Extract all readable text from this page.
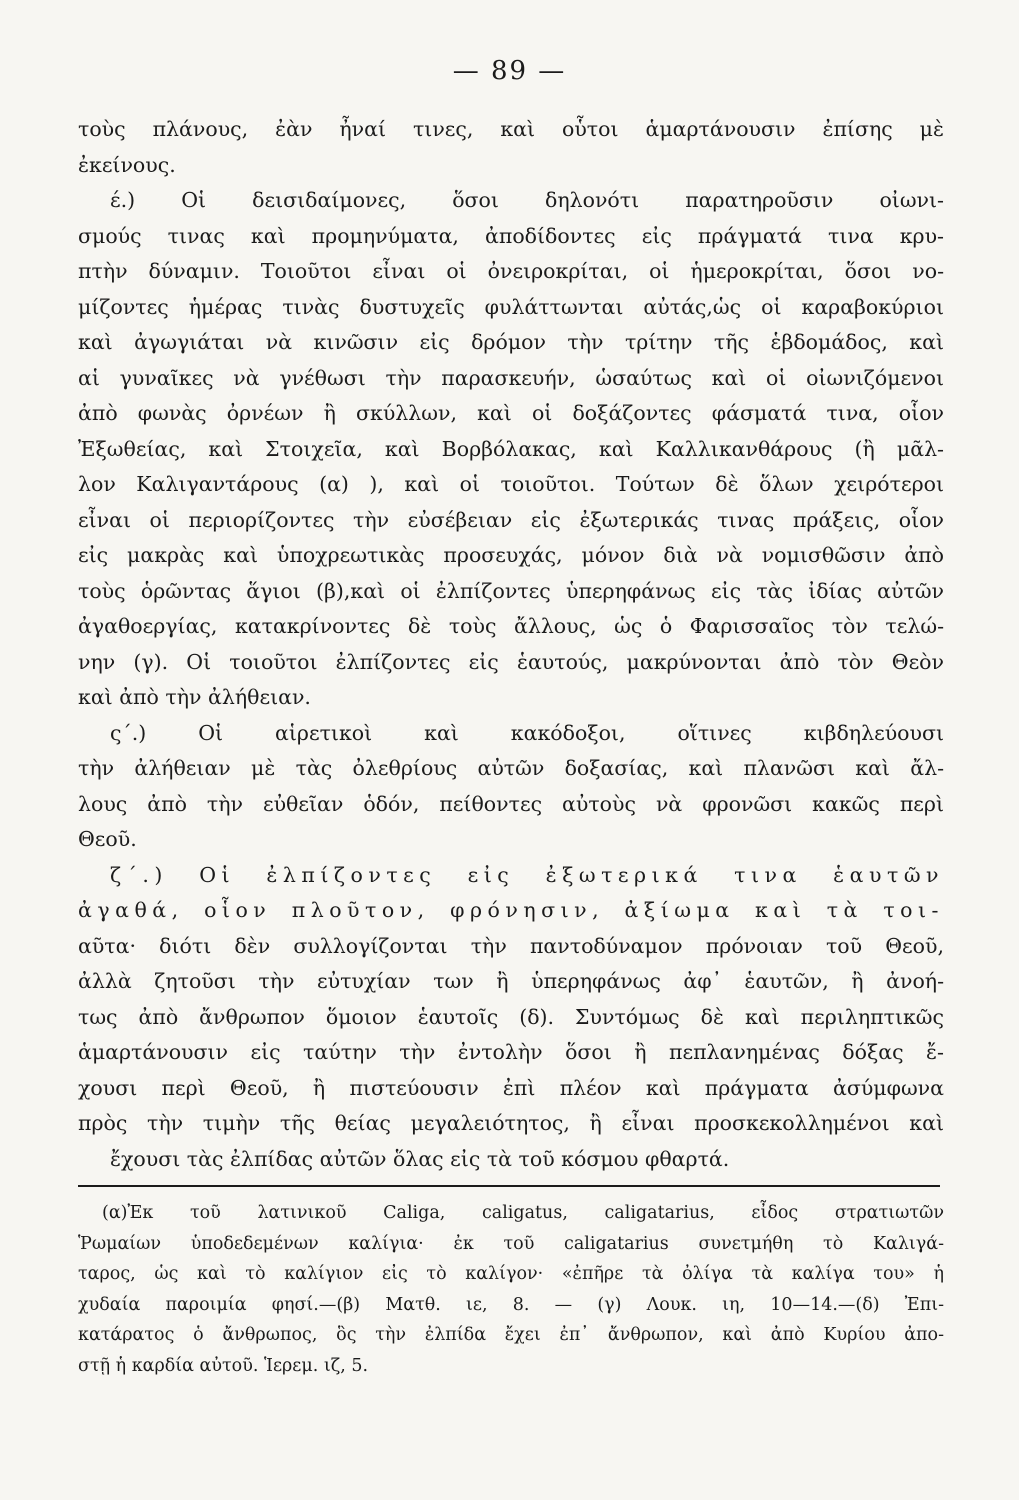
— 89 —
τοὺς πλάνους, ἐὰν ἦναί τινες, καὶ οὗτοι ἁμαρτάνουσιν ἐπίσης μὲ
ἐκείνους.
έ.) Οἱ δεισιδαίμονες, ὅσοι δηλονότι παρατηροῦσιν οἰωνι-
σμούς τινας καὶ προμηνύματα, ἀποδίδοντες εἰς πράγματά τινα κρυ-
πτὴν δύναμιν. Τοιοῦτοι εἶναι οἱ ὀνειροκρίται, οἱ ἡμεροκρίται, ὅσοι νο-
μίζοντες ἡμέρας τινὰς δυστυχεῖς φυλάττωνται αὐτάς,ὡς οἱ καραβοκύριοι
καὶ ἀγωγιάται νὰ κινῶσιν εἰς δρόμον τὴν τρίτην τῆς ἑβδομάδος, καὶ
αἱ γυναῖκες νὰ γνέθωσι τὴν παρασκευήν, ὡσαύτως καὶ οἱ οἰωνιζόμενοι
ἀπὸ φωνὰς ὀρνέων ἢ σκύλλων, καὶ οἱ δοξάζοντες φάσματά τινα, οἷον
Ἐξωθείας, καὶ Στοιχεῖα, καὶ Βορβόλακας, καὶ Καλλικανθάρους (ἢ μᾶλ-
λον Καλιγαντάρους (α) ), καὶ οἱ τοιοῦτοι. Τούτων δὲ ὅλων χειρότεροι
εἶναι οἱ περιορίζοντες τὴν εὐσέβειαν εἰς ἐξωτερικάς τινας πράξεις, οἷον
εἰς μακρὰς καὶ ὑποχρεωτικὰς προσευχάς, μόνον διὰ νὰ νομισθῶσιν ἀπὸ
τοὺς ὁρῶντας ἅγιοι (β),καὶ οἱ ἐλπίζοντες ὑπερηφάνως εἰς τὰς ἰδίας αὐτῶν
ἀγαθοεργίας, κατακρίνοντες δὲ τοὺς ἄλλους, ὡς ὁ Φαρισσαῖος τὸν τελώ-
νην (γ). Οἱ τοιοῦτοι ἐλπίζοντες εἰς ἑαυτούς, μακρύνονται ἀπὸ τὸν Θεὸν
καὶ ἀπὸ τὴν ἀλήθειαν.
ς΄.) Οἱ αἱρετικοὶ καὶ κακόδοξοι, οἵτινες κιβδηλεύουσι
τὴν ἀλήθειαν μὲ τὰς ὀλεθρίους αὐτῶν δοξασίας, καὶ πλανῶσι καὶ ἄλ-
λους ἀπὸ τὴν εὐθεῖαν ὁδόν, πείθοντες αὐτοὺς νὰ φρονῶσι κακῶς περὶ
Θεοῦ.
ζ΄.) Οἱ ἐλπίζοντες εἰς ἐξωτερικά τινα ἑαυτῶν
ἀγαθά, οἷον πλοῦτον, φρόνησιν, ἀξίωμα καὶ τὰ τοι-
αῦτα· διότι δὲν συλλογίζονται τὴν παντοδύναμον πρόνοιαν τοῦ Θεοῦ,
ἀλλὰ ζητοῦσι τὴν εὐτυχίαν των ἢ ὑπερηφάνως ἀφ᾽ ἑαυτῶν, ἢ ἀνοή-
τως ἀπὸ ἄνθρωπον ὅμοιον ἑαυτοῖς (δ). Συντόμως δὲ καὶ περιληπτικῶς
ἁμαρτάνουσιν εἰς ταύτην τὴν ἐντολὴν ὅσοι ἢ πεπλανημένας δόξας ἔ-
χουσι περὶ Θεοῦ, ἢ πιστεύουσιν ἐπὶ πλέον καὶ πράγματα ἀσύμφωνα
πρὸς τὴν τιμὴν τῆς θείας μεγαλειότητος, ἢ εἶναι προσκεκολλημένοι καὶ
ἔχουσι τὰς ἐλπίδας αὐτῶν ὅλας εἰς τὰ τοῦ κόσμου φθαρτά.
(α)Ἐκ τοῦ λατινικοῦ Caliga, caligatus, caligatarius, εἶδος στρατιωτῶν
Ῥωμαίων ὑποδεδεμένων καλίγια· ἐκ τοῦ caligatarius συνετμήθη τὸ Καλιγά-
ταρος, ὡς καὶ τὸ καλίγιον εἰς τὸ καλίγον· «ἐπῆρε τὰ ὀλίγα τὰ καλίγα του» ἡ
χυδαία παροιμία φησί.—(β) Ματθ. ιε, 8. — (γ) Λουκ. ιη, 10—14.—(δ) Ἐπι-
κατάρατος ὁ ἄνθρωπος, ὃς τὴν ἐλπίδα ἔχει ἐπ᾽ ἄνθρωπον, καὶ ἀπὸ Κυρίου ἀπο-
στῇ ἡ καρδία αὐτοῦ. Ἱερεμ. ιζ, 5.
